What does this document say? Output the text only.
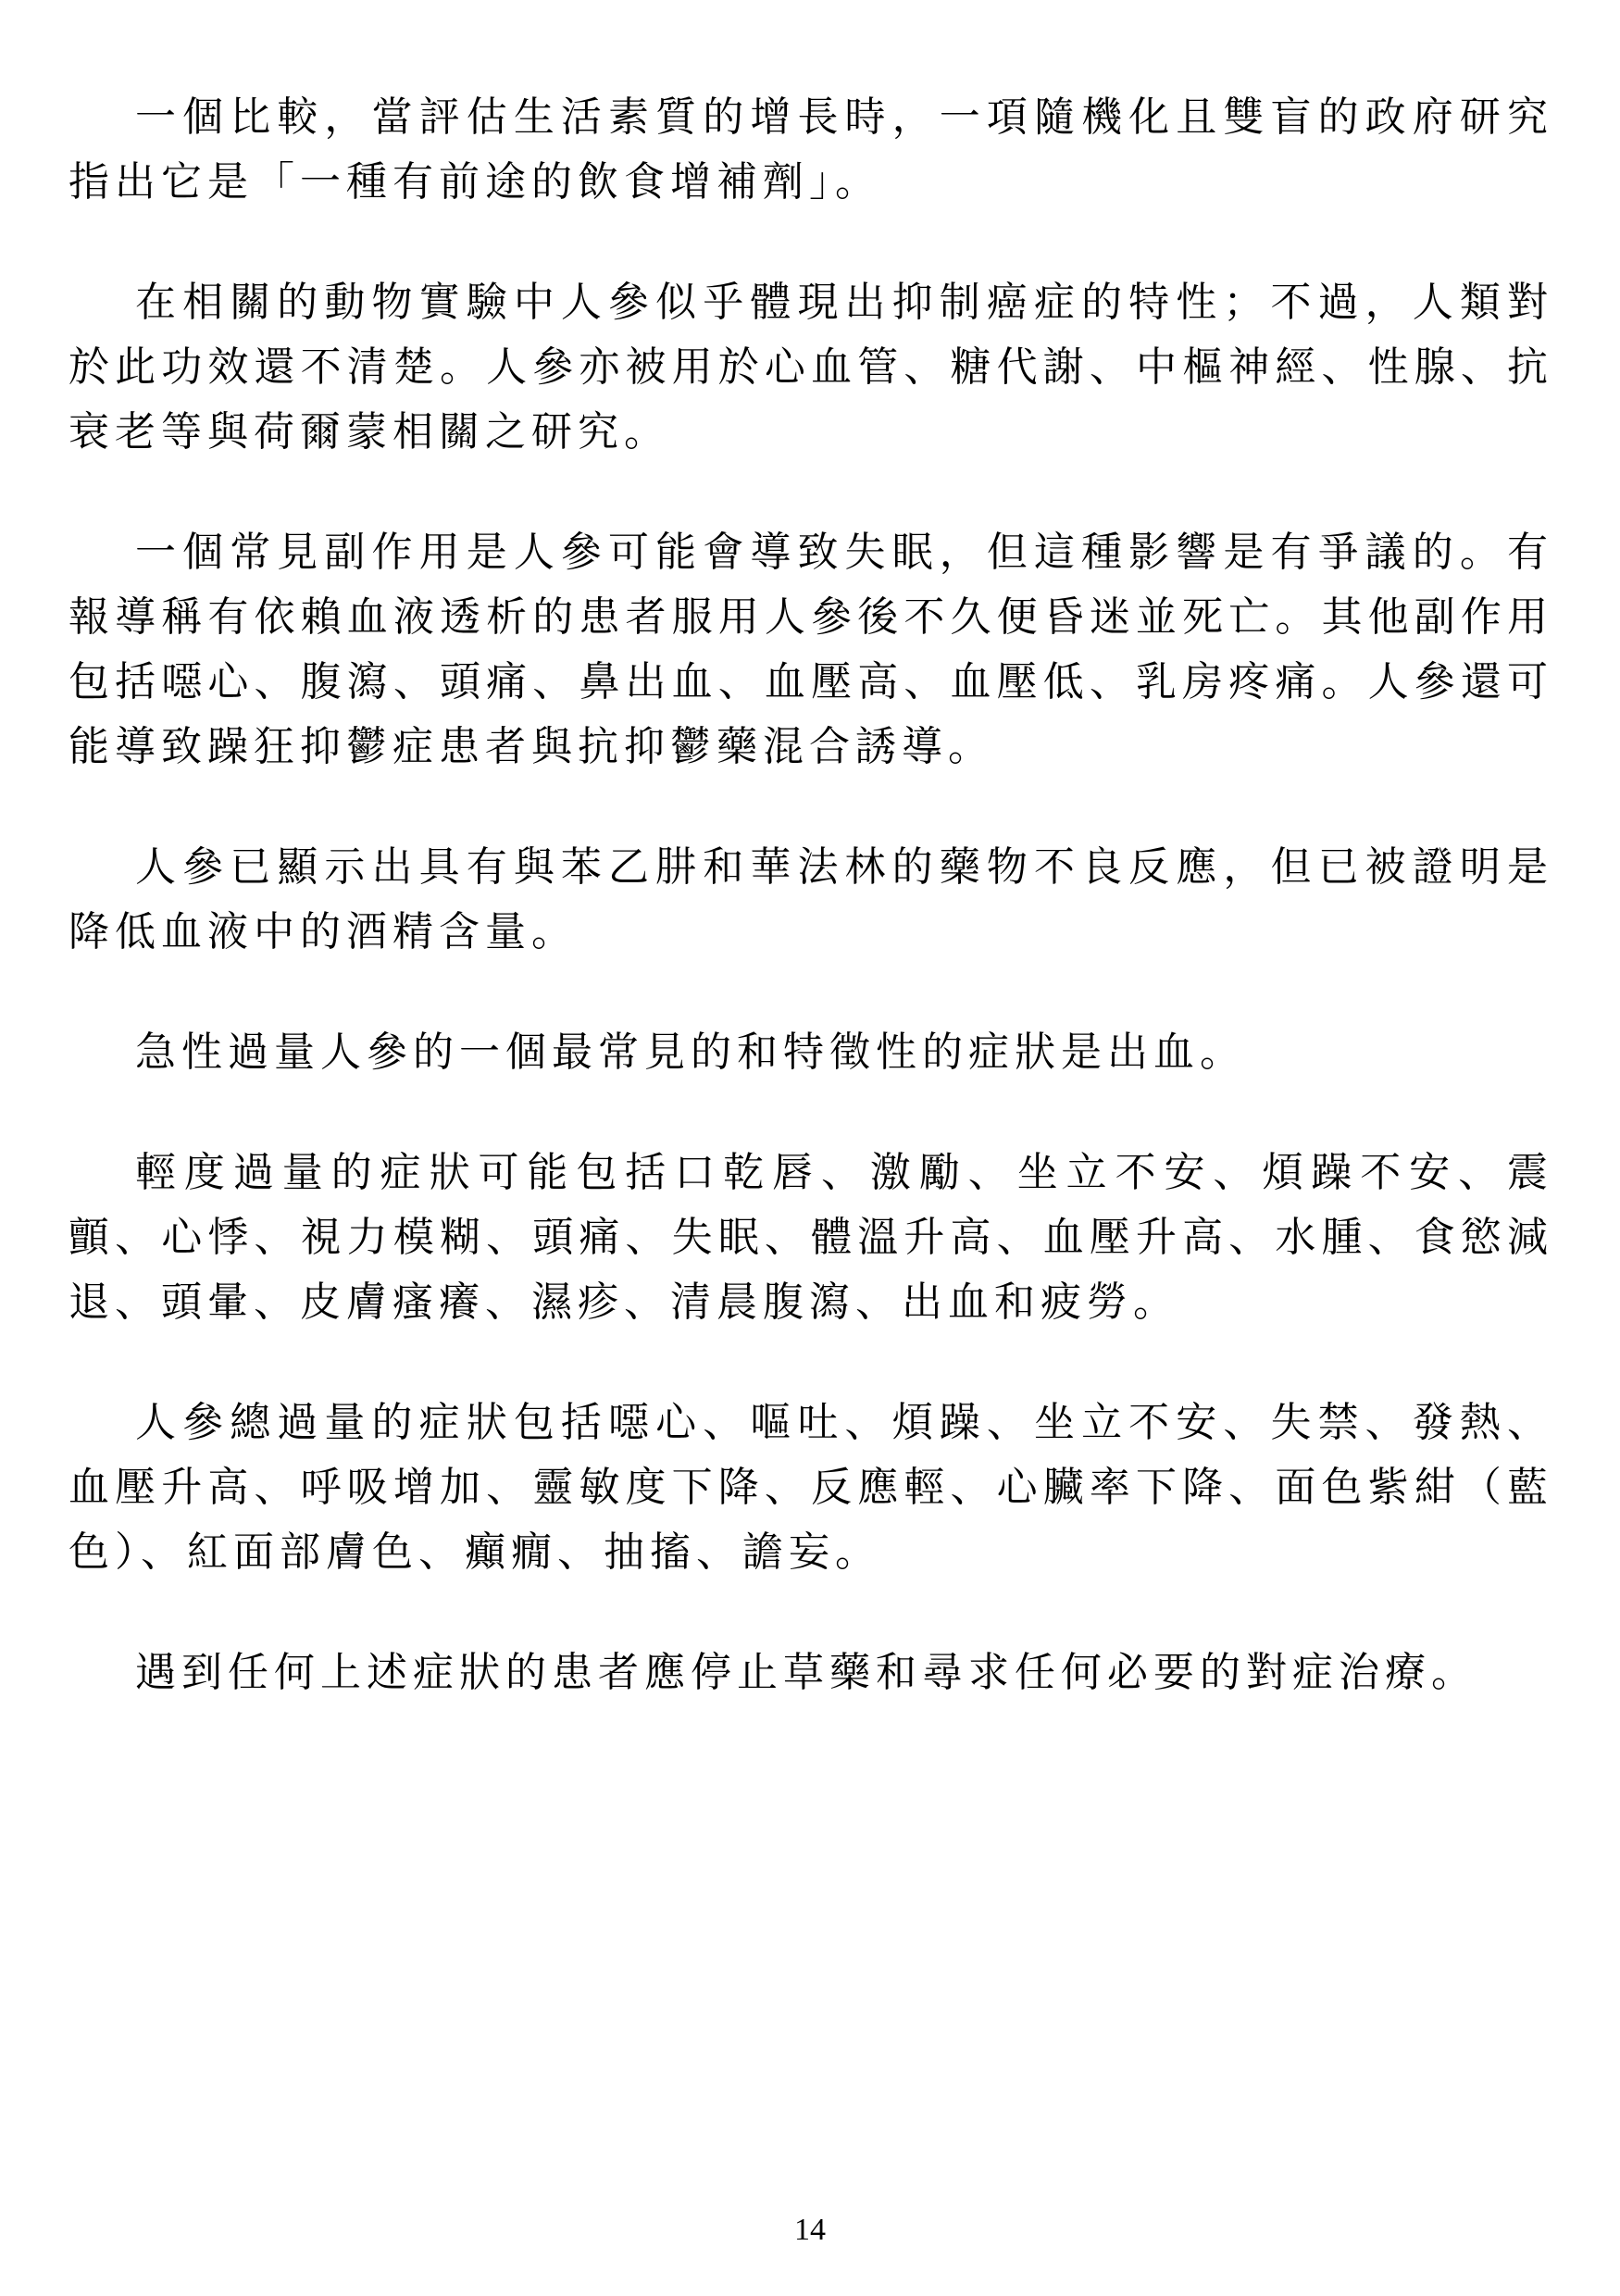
一個比較，當評估生活素質的增長時，一項隨機化且雙盲的政府研究指出它是「一種有前途的飲食增補劑」。

在相關的動物實驗中人參似乎體現出抑制癌症的特性；不過，人類對於此功效還不清楚。人參亦被用於心血管、糖代謝、中樞神經、性腺、抗衰老等與荷爾蒙相關之研究。

一個常見副作用是人參可能會導致失眠，但這種影響是有爭議的。有報導稱有依賴血液透析的患者服用人參後不久便昏迷並死亡。其他副作用包括噁心、腹瀉、頭痛、鼻出血、血壓高、血壓低、乳房疼痛。人參還可能導致躁狂抑鬱症患者與抗抑鬱藥混合誘導。

人參已顯示出具有與苯乙肼和華法林的藥物不良反應，但已被證明是降低血液中的酒精含量。

急性過量人參的一個最常見的和特徵性的症狀是出血。

輕度過量的症狀可能包括口乾唇、激勵、坐立不安、煩躁不安、震顫、心悸、視力模糊、頭痛、失眠、體溫升高、血壓升高、水腫、食慾減退、頭暈、皮膚瘙癢、濕疹、清晨腹瀉、出血和疲勞。

人參總過量的症狀包括噁心、嘔吐、煩躁、坐立不安、失禁、發熱、血壓升高、呼吸增加、靈敏度下降、反應輕、心臟率下降、面色紫紺（藍色）、紅面部膚色、癲癇、抽搐、譫妄。

遇到任何上述症狀的患者應停止草藥和尋求任何必要的對症治療。

14
